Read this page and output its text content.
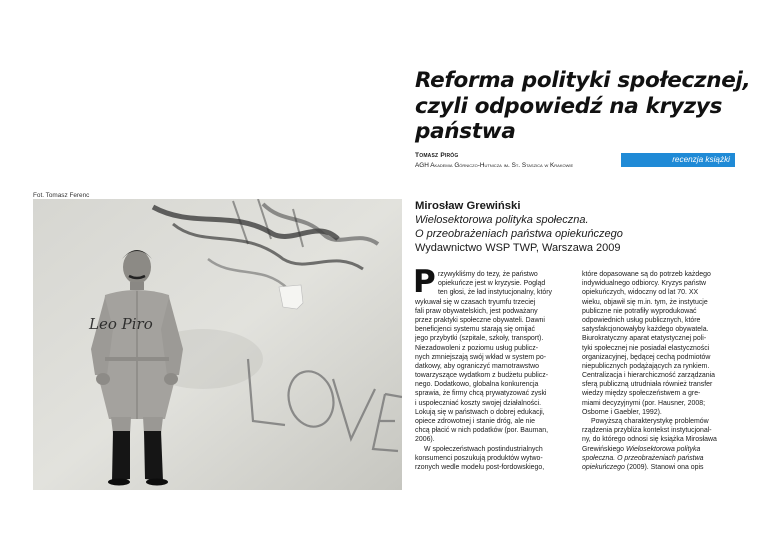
Reforma polityki społecznej,
czyli odpowiedź na kryzys
państwa
Tomasz Piróg
AGH Akademia Górniczo-Hutnicza im. St. Staszica w Krakowie
recenzja książki
Fot. Tomasz Ferenc
Leo Piro
Mirosław Grewiński
Wielosektorowa polityka społeczna.
O przeobrażeniach państwa opiekuńczego
Wydawnictwo WSP TWP, Warszawa 2009
P rzywykliśmy do tezy, że państwo
opiekuńcze jest w kryzysie. Pogląd
ten głosi, że ład instytucjonalny, który
wykuwał się w czasach tryumfu trzeciej
fali praw obywatelskich, jest podważany
przez praktyki społeczne obywateli. Dawni
beneficjenci systemu starają się omijać
jego przybytki (szpitale, szkoły, transport).
Niezadowoleni z poziomu usług publicz-
nych zmniejszają swój wkład w system po-
datkowy, aby ograniczyć marnotrawstwo
towarzyszące wydatkom z budżetu publicz-
nego. Dodatkowo, globalna konkurencja
sprawia, że firmy chcą prywatyzować zyski
i uspołeczniać koszty swojej działalności.
Lokują się w państwach o dobrej edukacji,
opiece zdrowotnej i stanie dróg, ale nie
chcą płacić w nich podatków (por. Bauman,
2006).
W społeczeństwach postindustrialnych
konsumenci poszukują produktów wytwo-
rzonych wedle modelu post-fordowskiego,
które dopasowane są do potrzeb każdego
indywidualnego odbiorcy. Kryzys państw
opiekuńczych, widoczny od lat 70. XX
wieku, objawił się m.in. tym, że instytucje
publiczne nie potrafiły wyprodukować
odpowiednich usług publicznych, które
satysfakcjonowałyby każdego obywatela.
Biurokratyczny aparat etatystycznej poli-
tyki społecznej nie posiadał elastyczności
organizacyjnej, będącej cechą podmiotów
niepublicznych podążających za rynkiem.
Centralizacja i hierarchiczność zarządzania
sferą publiczną utrudniała również transfer
wiedzy między społeczeństwem a gre-
miami decyzyjnymi (por. Hausner, 2008;
Osborne i Gaebler, 1992).
Powyższą charakterystykę problemów
rządzenia przybliża kontekst instytucjonal-
ny, do którego odnosi się książka Mirosława
Grewińskiego Wielosektorowa polityka
społeczna. O przeobrażeniach państwa
opiekuńczego (2009). Stanowi ona opis
